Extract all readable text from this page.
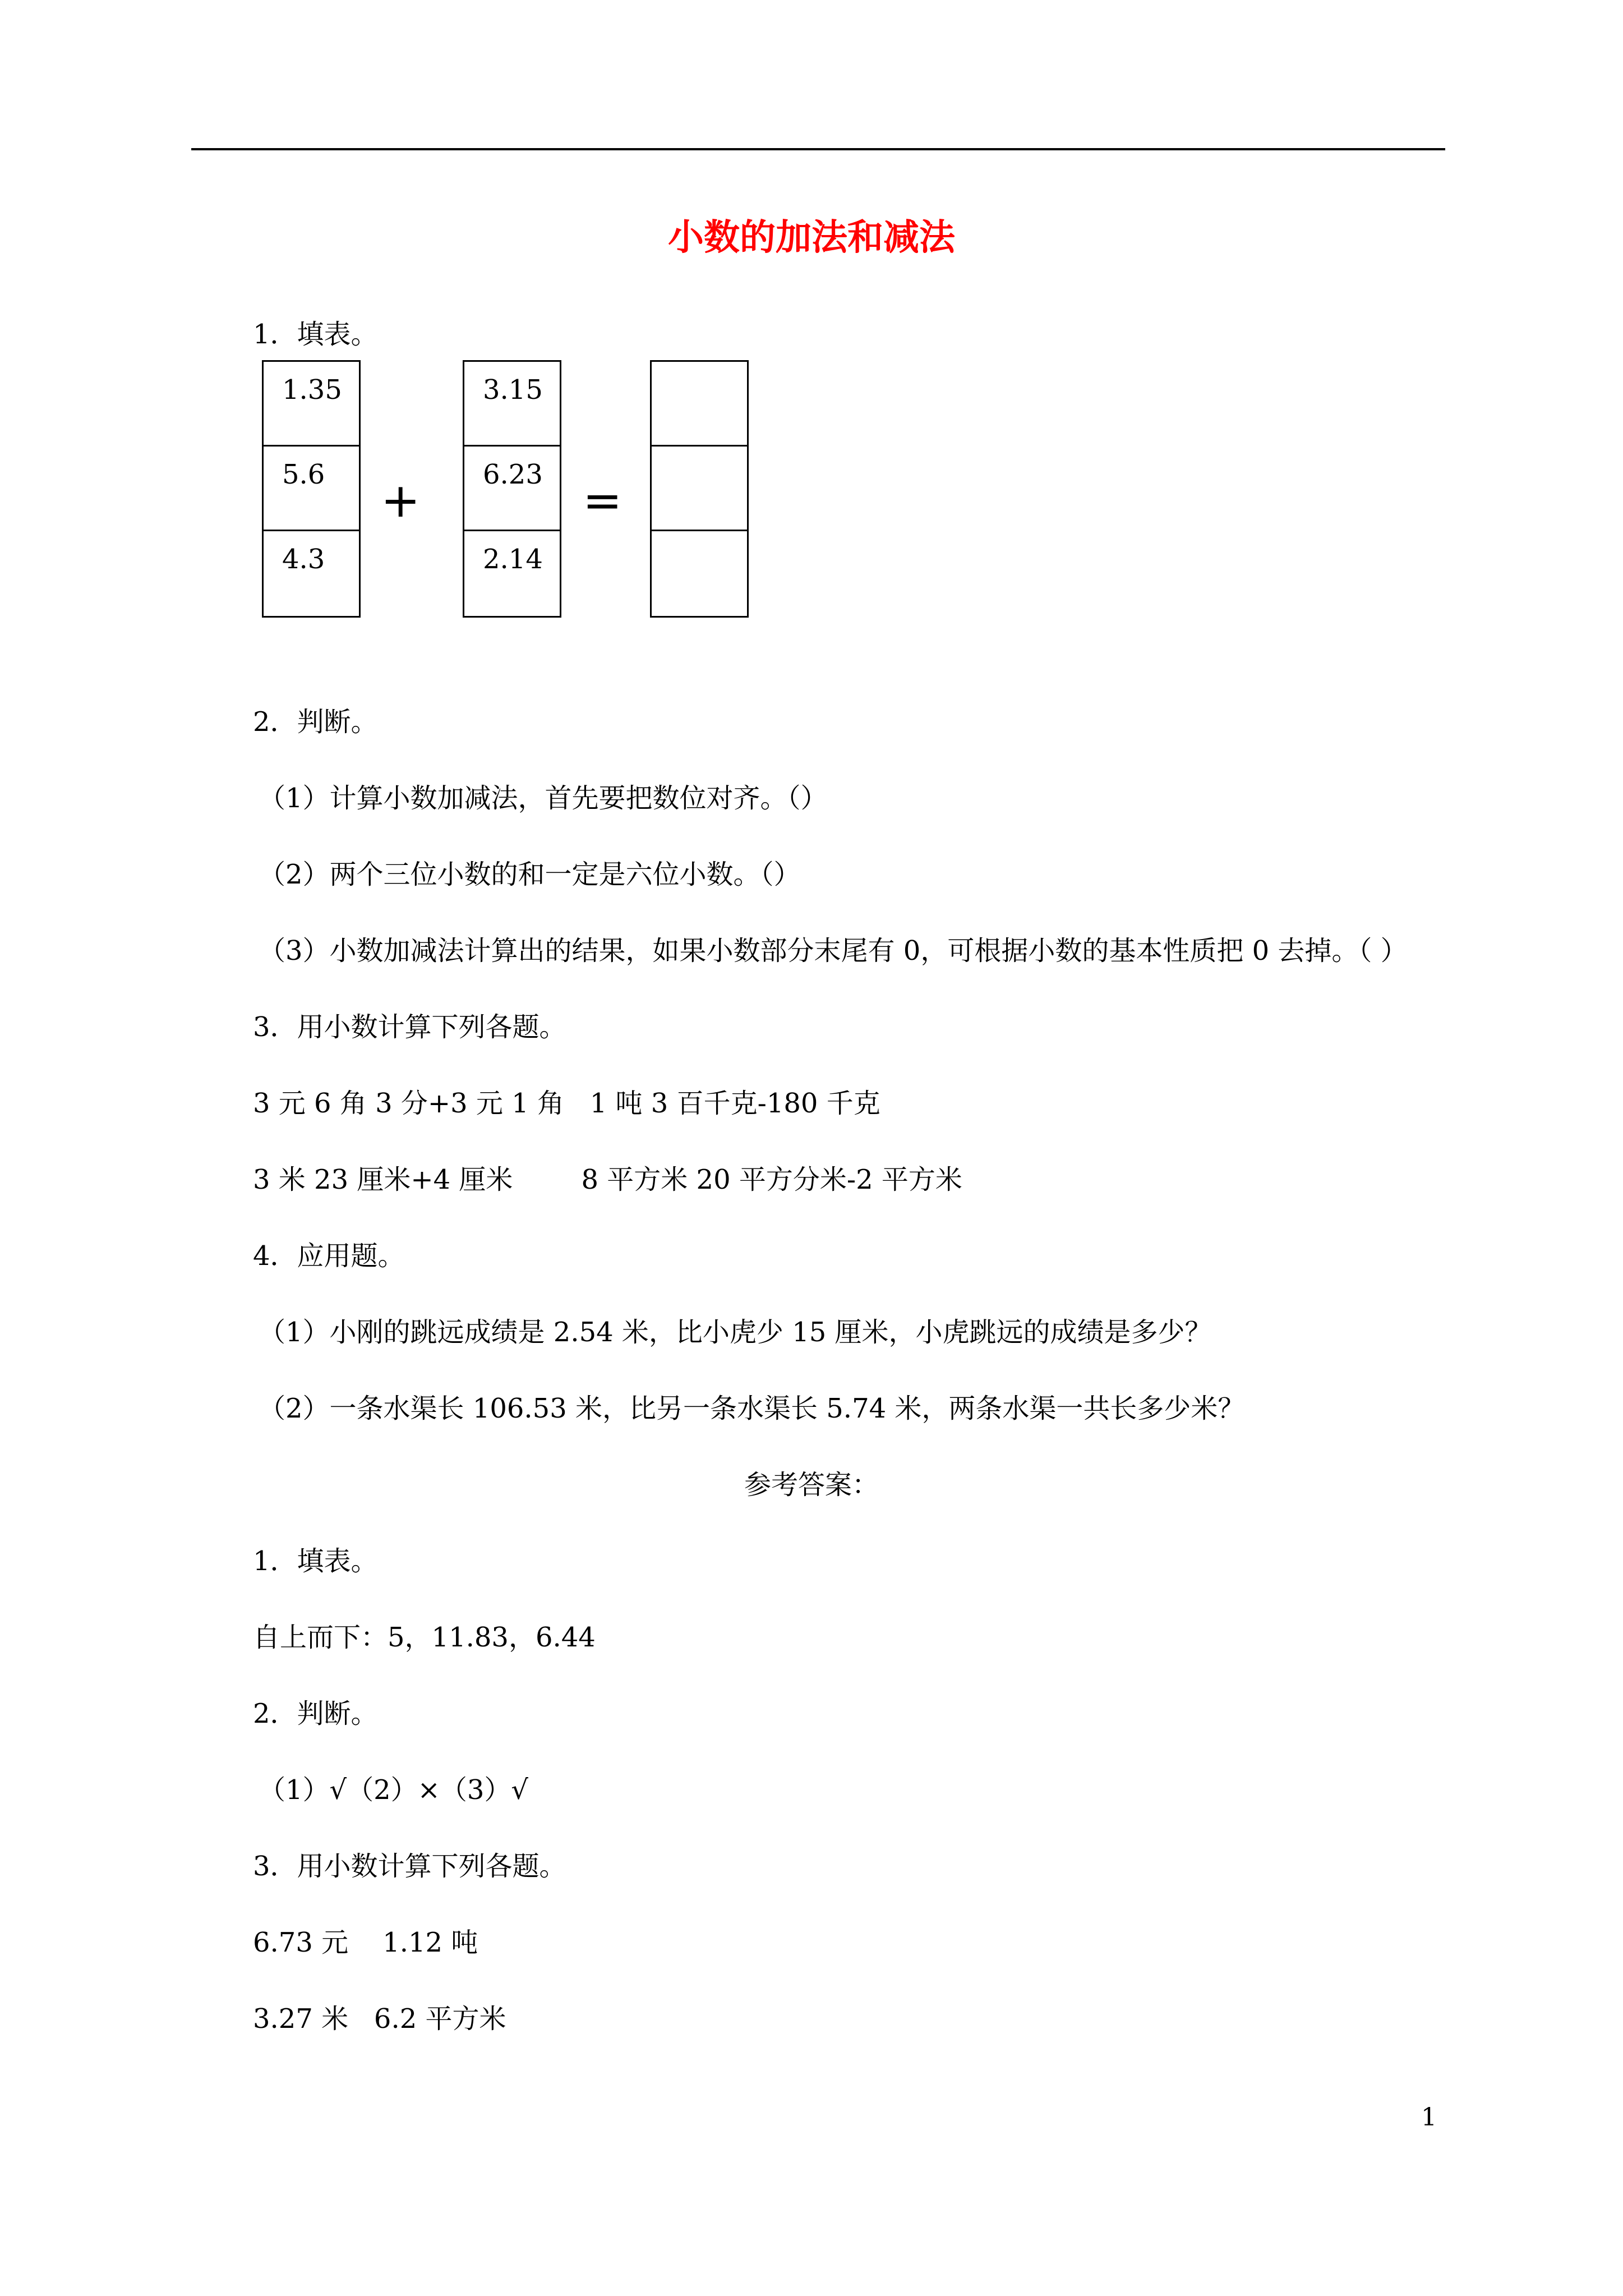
小数的加法和减法
1．填表。
1.35
5.6
4.3
+
3.15
6.23
2.14
=
2．判断。
（1）计算小数加减法，首先要把数位对齐。（）
（2）两个三位小数的和一定是六位小数。（）
（3）小数加减法计算出的结果，如果小数部分末尾有 0，可根据小数的基本性质把 0 去掉。（ ）
3．用小数计算下列各题。
3 元 6 角 3 分+3 元 1 角   1 吨 3 百千克-180 千克
3 米 23 厘米+4 厘米        8 平方米 20 平方分米-2 平方米
4．应用题。
（1）小刚的跳远成绩是 2.54 米，比小虎少 15 厘米，小虎跳远的成绩是多少？
（2）一条水渠长 106.53 米，比另一条水渠长 5.74 米，两条水渠一共长多少米？
参考答案：
1．填表。
自上而下：5，11.83，6.44
2．判断。
（1）√（2）×（3）√
3．用小数计算下列各题。
6.73 元    1.12 吨
3.27 米   6.2 平方米
1
